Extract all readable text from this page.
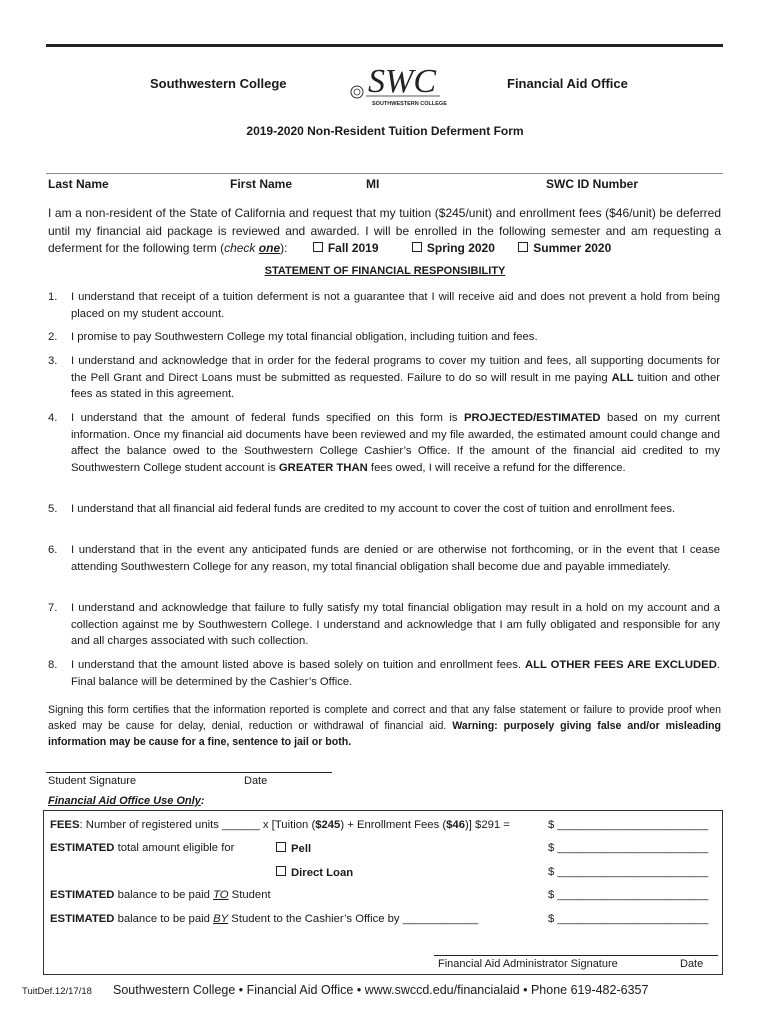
Southwestern College SWC
SOUTHWESTERN COLLEGE
Financial Aid Office
2019-2020 Non-Resident Tuition Deferment Form
Last Name	First Name	MI	SWC ID Number
I am a non-resident of the State of California and request that my tuition ($245/unit) and enrollment fees ($46/unit) be deferred until my financial aid package is reviewed and awarded. I will be enrolled in the following semester and am requesting a deferment for the following term (check one):	Fall 2019	Spring 2020	Summer 2020
STATEMENT OF FINANCIAL RESPONSIBILITY
1. I understand that receipt of a tuition deferment is not a guarantee that I will receive aid and does not prevent a hold from being placed on my student account.
2. I promise to pay Southwestern College my total financial obligation, including tuition and fees.
3. I understand and acknowledge that in order for the federal programs to cover my tuition and fees, all supporting documents for the Pell Grant and Direct Loans must be submitted as requested. Failure to do so will result in me paying ALL tuition and other fees as stated in this agreement.
4. I understand that the amount of federal funds specified on this form is PROJECTED/ESTIMATED based on my current information. Once my financial aid documents have been reviewed and my file awarded, the estimated amount could change and affect the balance owed to the Southwestern College Cashier’s Office. If the amount of the financial aid credited to my Southwestern College student account is GREATER THAN fees owed, I will receive a refund for the difference.
5. I understand that all financial aid federal funds are credited to my account to cover the cost of tuition and enrollment fees.
6. I understand that in the event any anticipated funds are denied or are otherwise not forthcoming, or in the event that I cease attending Southwestern College for any reason, my total financial obligation shall become due and payable immediately.
7. I understand and acknowledge that failure to fully satisfy my total financial obligation may result in a hold on my account and a collection against me by Southwestern College. I understand and acknowledge that I am fully obligated and responsible for any and all charges associated with such collection.
8. I understand that the amount listed above is based solely on tuition and enrollment fees. ALL OTHER FEES ARE EXCLUDED. Final balance will be determined by the Cashier’s Office.
Signing this form certifies that the information reported is complete and correct and that any false statement or failure to provide proof when asked may be cause for delay, denial, reduction or withdrawal of financial aid. Warning: purposely giving false and/or misleading information may be cause for a fine, sentence to jail or both.
Student Signature	Date
Financial Aid Office Use Only:
FEES: Number of registered units ______ x [Tuition ($245) + Enrollment Fees ($46)] $291 =	$ ________________________
ESTIMATED total amount eligible for	Pell	$ ________________________
Direct Loan	$ ________________________
ESTIMATED balance to be paid TO Student	$ ________________________
ESTIMATED balance to be paid BY Student to the Cashier’s Office by ____________	$ ________________________
Financial Aid Administrator Signature	Date
TuitDef.12/17/18 Southwestern College • Financial Aid Office • www.swccd.edu/financialaid • Phone 619-482-6357
